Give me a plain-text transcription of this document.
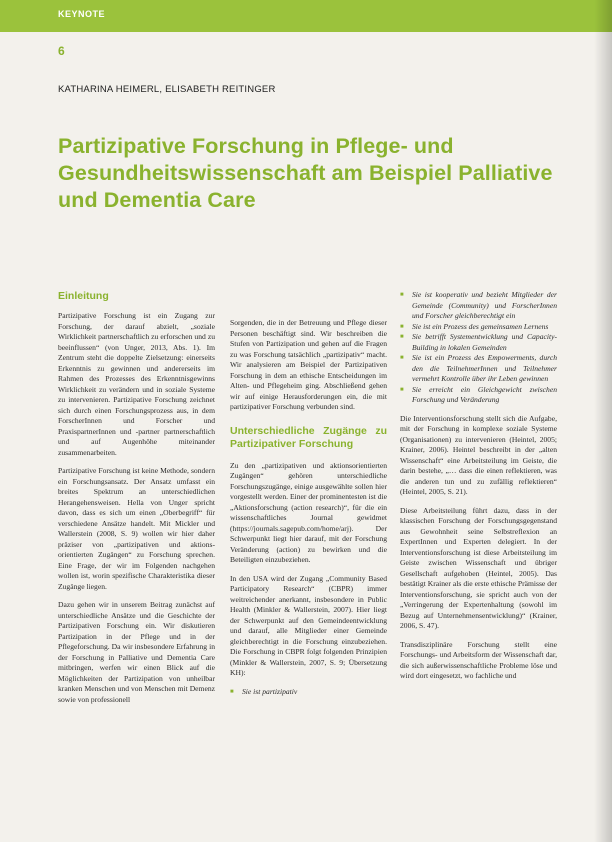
KEYNOTE
6
KATHARINA HEIMERL, ELISABETH REITINGER
Partizipative Forschung in Pflege- und Gesundheitswissenschaft am Beispiel Palliative und Dementia Care
Einleitung

Partizipative Forschung ist ein Zugang zur Forschung, der darauf abzielt, „soziale Wirklichkeit partnerschaftlich zu erforschen und zu beeinflussen“ (von Unger, 2013, Abs. 1). Im Zentrum steht die doppelte Zielsetzung: einerseits Erkenntnis zu gewinnen und andererseits im Rahmen des Prozesses des Erkenntnisgewinns Wirklichkeit zu verändern und in soziale Systeme zu intervenieren. Partizipative Forschung zeichnet sich durch einen Forschungsprozess aus, in dem ForscherInnen und Forscher und PraxispartnerInnen und -partner partnerschaftlich und auf Augenhöhe miteinander zusammenarbeiten.

Partizipative Forschung ist keine Methode, sondern ein Forschungsansatz. Der Ansatz umfasst ein breites Spektrum an unterschiedlichen Herangehensweisen. Hella von Unger spricht davon, dass es sich um einen „Oberbegriff“ für verschiedene Ansätze handelt. Mit Mickler und Wallerstein (2008, S. 9) wollen wir hier daher präziser von „partizipativen und aktions-orientierten Zugängen“ zu Forschung sprechen. Eine Frage, der wir im Folgenden nachgehen wollen ist, worin spezifische Charakteristika dieser Zugänge liegen.

Dazu gehen wir in unserem Beitrag zunächst auf unterschiedliche Ansätze und die Geschichte der Partizipativen Forschung ein. Wir diskutieren Partizipation in der Pflege und in der Pflegeforschung. Da wir insbesondere Erfahrung in der Forschung in Palliative und Dementia Care mitbringen, werfen wir einen Blick auf die Möglichkeiten der Partizipation von unheilbar kranken Menschen und von Menschen mit Demenz sowie von professionell

Sorgenden, die in der Betreuung und Pflege dieser Personen beschäftigt sind. Wir beschreiben die Stufen von Partizipation und gehen auf die Fragen zu was Forschung tatsächlich „partizipativ“ macht. Wir analysieren am Beispiel der Partizipativen Forschung in dem an ethische Entscheidungen im Alten- und Pflegeheim ging. Abschließend gehen wir auf einige Herausforderungen ein, die mit partizipativer Forschung verbunden sind.

Unterschiedliche Zugänge zu Partizipativer Forschung

Zu den „partizipativen und aktionsorientierten Zugängen“ gehören unterschiedliche Forschungszugänge, einige ausgewählte sollen hier vorgestellt werden. Einer der prominentesten ist die „Aktionsforschung (action research)“, für die ein wissenschaftliches Journal gewidmet (https://journals.sagepub.com/home/arj). Der Schwerpunkt liegt hier darauf, mit der Forschung Veränderung (action) zu bewirken und die Beteiligten einzubeziehen.

In den USA wird der Zugang „Community Based Participatory Research“ (CBPR) immer weitreichender anerkannt, insbesondere in Public Health (Minkler & Wallerstein, 2007). Hier liegt der Schwerpunkt auf den Gemeindeentwicklung und darauf, alle Mitglieder einer Gemeinde gleichberechtigt in die Forschung einzubeziehen. Die Forschung in CBPR folgt folgenden Prinzipien (Minkler & Wallerstein, 2007, S. 9; Übersetzung KH):

■ Sie ist partizipativ
■ Sie ist kooperativ und bezieht Mitglieder der Gemeinde (Community) und ForscherInnen und Forscher gleichberechtigt ein
■ Sie ist ein Prozess des gemeinsamen Lernens
■ Sie betrifft Systementwicklung und Capacity-Building in lokalen Gemeinden
■ Sie ist ein Prozess des Empowerments, durch den die TeilnehmerInnen und Teilnehmer vermehrt Kontrolle über ihr Leben gewinnen
■ Sie erreicht ein Gleichgewicht zwischen Forschung und Veränderung

Die Interventionsforschung stellt sich die Aufgabe, mit der Forschung in komplexe soziale Systeme (Organisationen) zu intervenieren (Heintel, 2005; Krainer, 2006). Heintel beschreibt in der „alten Wissenschaft“ eine Arbeitsteilung im Geiste, die darin bestehe, „… dass die einen reflektieren, was die anderen tun und zu zufällig reflektieren“ (Heintel, 2005, S. 21).

Diese Arbeitsteilung führt dazu, dass in der klassischen Forschung der Forschungsgegenstand aus Gewohnheit seine Selbstreflexion an ExpertInnen und Experten delegiert. In der Interventionsforschung ist diese Arbeitsteilung im Geiste zwischen Wissenschaft und übriger Gesellschaft aufgehoben (Heintel, 2005). Das bestätigt Krainer als die erste ethische Prämisse der Interventionsforschung, sie spricht auch von der „Verringerung der Expertenhaltung (sowohl im Bezug auf Unternehmensentwicklung)“ (Krainer, 2006, S. 47).

Transdisziplinäre Forschung stellt eine Forschungs- und Arbeitsform der Wissenschaft dar, die sich außerwissenschaftliche Probleme löse und wird dort eingesetzt, wo fachliche und
